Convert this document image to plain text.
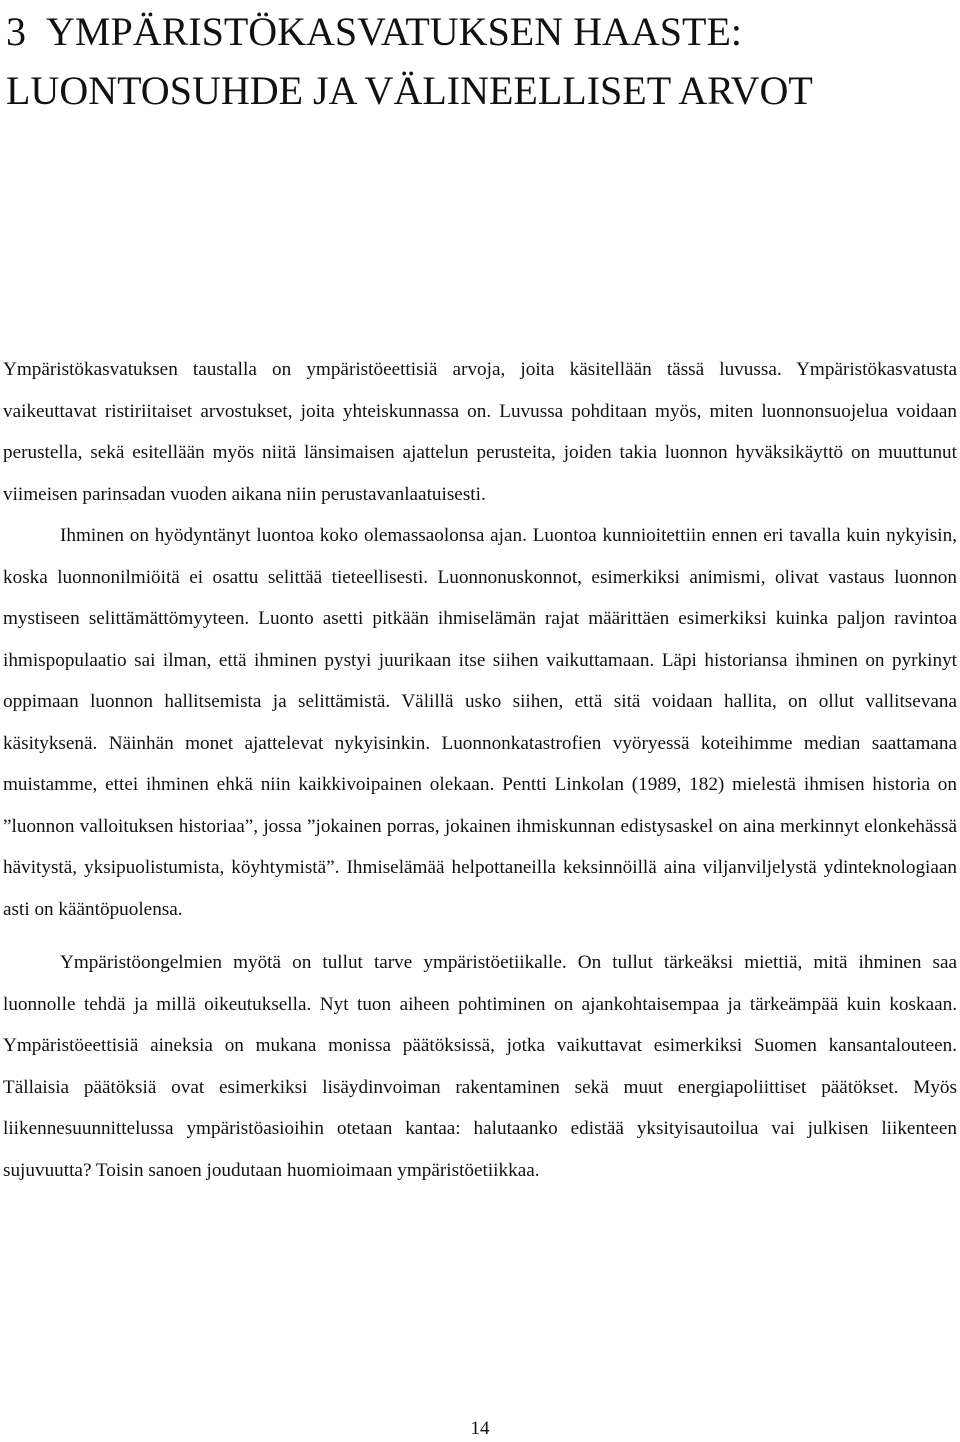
3 YMPÄRISTÖKASVATUKSEN HAASTE: LUONTOSUHDE JA VÄLINEELLISET ARVOT

Ympäristökasvatuksen taustalla on ympäristöeettisiä arvoja, joita käsitellään tässä luvussa. Ympäristökasvatusta vaikeuttavat ristiriitaiset arvostukset, joita yhteiskunnassa on. Luvussa pohditaan myös, miten luonnonsuojelua voidaan perustella, sekä esitellään myös niitä länsimaisen ajattelun perusteita, joiden takia luonnon hyväksikäyttö on muuttunut viimeisen parinsadan vuoden aikana niin perustavanlaatuisesti.

Ihminen on hyödyntänyt luontoa koko olemassaolonsa ajan. Luontoa kunnioitettiin ennen eri tavalla kuin nykyisin, koska luonnonilmiöitä ei osattu selittää tieteellisesti. Luonnonuskonnot, esimerkiksi animismi, olivat vastaus luonnon mystiseen selittämättömyyteen. Luonto asetti pitkään ihmiselämän rajat määrittäen esimerkiksi kuinka paljon ravintoa ihmispopulaatio sai ilman, että ihminen pystyi juurikaan itse siihen vaikuttamaan. Läpi historiansa ihminen on pyrkinyt oppimaan luonnon hallitsemista ja selittämistä. Välillä usko siihen, että sitä voidaan hallita, on ollut vallitsevana käsityksenä. Näinhän monet ajattelevat nykyisinkin. Luonnonkatastrofien vyöryessä koteihimme median saattamana muistamme, ettei ihminen ehkä niin kaikkivoipainen olekaan. Pentti Linkolan (1989, 182) mielestä ihmisen historia on ”luonnon valloituksen historiaa”, jossa ”jokainen porras, jokainen ihmiskunnan edistysaskel on aina merkinnyt elonkehässä hävitystä, yksipuolistumista, köyhtymistä”. Ihmiselämää helpottaneilla keksinnöillä aina viljanviljelystä ydinteknologiaan asti on kääntöpuolensa.

Ympäristöongelmien myötä on tullut tarve ympäristöetiikalle. On tullut tärkeäksi miettiä, mitä ihminen saa luonnolle tehdä ja millä oikeutuksella. Nyt tuon aiheen pohtiminen on ajankohtaisempaa ja tärkeämpää kuin koskaan. Ympäristöeettisiä aineksia on mukana monissa päätöksissä, jotka vaikuttavat esimerkiksi Suomen kansantalouteen. Tällaisia päätöksiä ovat esimerkiksi lisäydinvoiman rakentaminen sekä muut energiapoliittiset päätökset. Myös liikennesuunnittelussa ympäristöasioihin otetaan kantaa: halutaanko edistää yksityisautoilua vai julkisen liikenteen sujuvuutta? Toisin sanoen joudutaan huomioimaan ympäristöetiikkaa.

14
